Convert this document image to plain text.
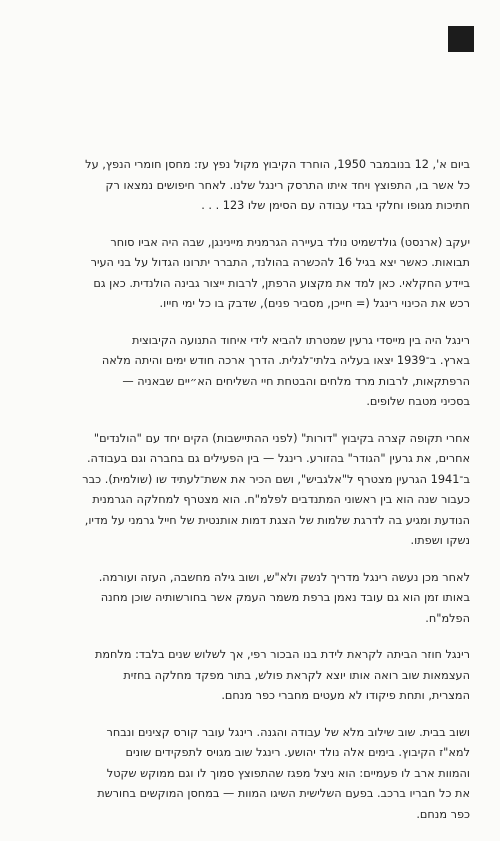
ביום א', 12 בנובמבר 1950, הוחרד הקיבוץ מקול נפץ עז: מחסן חומרי הנפץ, על
כל אשר בו, התפוצץ ויחד איתו התרסק רינגל שלנו. לאחר חיפושים נמצאו רק
חתיכות מגופו וחלקי בגדי עבודה עם הסימן שלו 123 . . .

יעקב (ארנסט) גולדשמיט נולד בעיירה הגרמנית מיינינגן, שבה היה אביו סוחר
תבואות. כאשר יצא בגיל 16 להכשרה בהולנד, התברר יתרונו הגדול על בני העיר
ביידע החקלאי. כאן למד את מקצוע הרפתן, לרבות ייצור גבינה הולנדית. כאן גם
רכש את הכינוי רינגל (= חייכן, מסביר פנים), שדבק בו כל ימי חייו.

רינגל היה בין מייסדי גרעין שמטרתו להביא לידי איחוד התנועה הקיבוצית
בארץ. ב־1939 יצאו בעליה בלתי־לגלית. הדרך ארכה חודש ימים והיתה מלאה
הרפתקאות, לרבות מרד מלחים והבטחת חיי השליחים הא״יים שבאניה —
בסכיני מטבח שלופים.

אחרי תקופה קצרה בקיבוץ "דורות" (לפני ההתיישבות) הקים יחד עם "הולנדים"
אחרים, את גרעין "הגודר" בהזורע. רינגל — בין הפעילים גם בחברה וגם בעבודה.
ב־1941 הגרעין מצטרף ל"אלגביש", ושם הכיר את אשת־לעתיד שו (שולמית). כבר
כעבור שנה הוא בין ראשוני המתנדבים לפלמ"ח. הוא מצטרף למחלקה הגרמנית
הנודעת ומגיע בה לדרגת שלמות של הצגת דמות אותנטית של חייל גרמני על מדיו,
נשקו ושפתו.

לאחר מכן נעשה רינגל מדריך לנשק ולא"ש, ושוב גילה מחשבה, העזה ועורמה.
באותו זמן הוא גם עובד נאמן ברפת משמר העמק אשר בחורשותיה שוכן מחנה
הפלמ"ח.

רינגל חוזר הביתה לקראת לידת בנו הבכור רפי, אך לשלוש שנים בלבד: מלחמת
העצמאות שוב רואה אותו יוצא לקראת פולש, בתור מפקד מחלקה בחזית
המצרית, ותחת פיקודו לא מעטים מחברי כפר מנחם.

ושוב בבית. שוב שילוב מלא של עבודה והגנה. רינגל עובר קורס קצינים ונבחר
למא"ז הקיבוץ. בימים אלה נולד יהושע. רינגל שוב מגויס לתפקידים שונים
והמוות ארב לו פעמיים: הוא ניצל מפגז שהתפוצץ סמוך לו וגם ממוקש שקטל
את כל חבריו ברכב. בפעם השלישית השיגו המוות — במחסן המוקשים בחורשת
כפר מנחם.
